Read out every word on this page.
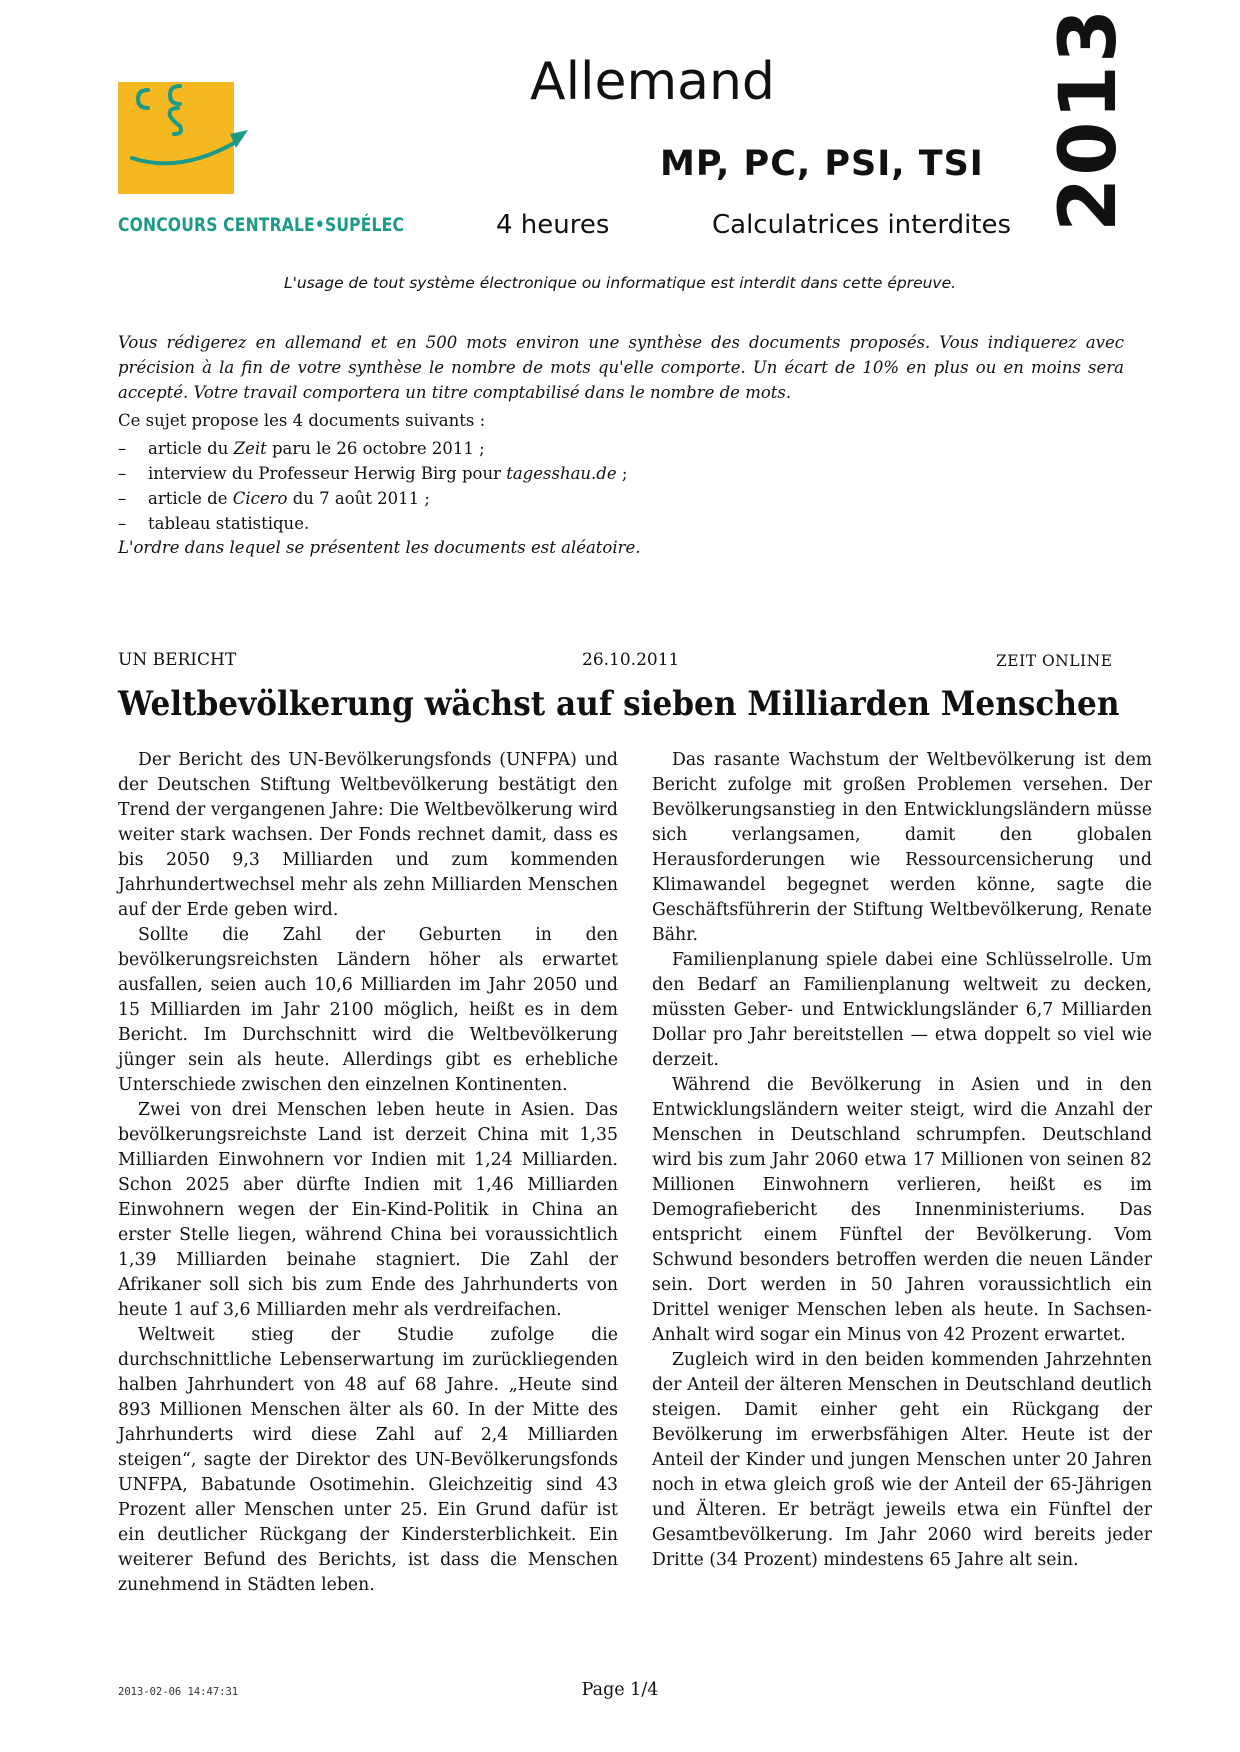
CONCOURS CENTRALE•SUPÉLEC
Allemand
MP, PC, PSI, TSI
4 heures	Calculatrices interdites 2013
L'usage de tout système électronique ou informatique est interdit dans cette épreuve.
Vous rédigerez en allemand et en 500 mots environ une synthèse des documents proposés. Vous indiquerez avec précision à la fin de votre synthèse le nombre de mots qu'elle comporte. Un écart de 10% en plus ou en moins sera accepté. Votre travail comportera un titre comptabilisé dans le nombre de mots.
Ce sujet propose les 4 documents suivants :
– article du Zeit paru le 26 octobre 2011 ;
– interview du Professeur Herwig Birg pour tagesshau.de ;
– article de Cicero du 7 août 2011 ;
– tableau statistique.
L'ordre dans lequel se présentent les documents est aléatoire.
UN BERICHT	26.10.2011	ZEIT ONLINE
Weltbevölkerung wächst auf sieben Milliarden Menschen

Der Bericht des UN-Bevölkerungsfonds (UNFPA) und der Deutschen Stiftung Weltbevölkerung bestätigt den Trend der vergangenen Jahre: Die Weltbevölkerung wird weiter stark wachsen. Der Fonds rechnet damit, dass es bis 2050 9,3 Milliarden und zum kommenden Jahrhundertwechsel mehr als zehn Milliarden Menschen auf der Erde geben wird.

Sollte die Zahl der Geburten in den bevölkerungsreichsten Ländern höher als erwartet ausfallen, seien auch 10,6 Milliarden im Jahr 2050 und 15 Milliarden im Jahr 2100 möglich, heißt es in dem Bericht. Im Durchschnitt wird die Weltbevölkerung jünger sein als heute. Allerdings gibt es erhebliche Unterschiede zwischen den einzelnen Kontinenten.

Zwei von drei Menschen leben heute in Asien. Das bevölkerungsreichste Land ist derzeit China mit 1,35 Milliarden Einwohnern vor Indien mit 1,24 Milliarden. Schon 2025 aber dürfte Indien mit 1,46 Milliarden Einwohnern wegen der Ein-Kind-Politik in China an erster Stelle liegen, während China bei voraussichtlich 1,39 Milliarden beinahe stagniert. Die Zahl der Afrikaner soll sich bis zum Ende des Jahrhunderts von heute 1 auf 3,6 Milliarden mehr als verdreifachen.

Weltweit stieg der Studie zufolge die durchschnittliche Lebenserwartung im zurückliegenden halben Jahrhundert von 48 auf 68 Jahre. „Heute sind 893 Millionen Menschen älter als 60. In der Mitte des Jahrhunderts wird diese Zahl auf 2,4 Milliarden steigen“, sagte der Direktor des UN-Bevölkerungsfonds UNFPA, Babatunde Osotimehin. Gleichzeitig sind 43 Prozent aller Menschen unter 25. Ein Grund dafür ist ein deutlicher Rückgang der Kindersterblichkeit. Ein weiterer Befund des Berichts, ist dass die Menschen zunehmend in Städten leben.

Das rasante Wachstum der Weltbevölkerung ist dem Bericht zufolge mit großen Problemen versehen. Der Bevölkerungsanstieg in den Entwicklungsländern müsse sich verlangsamen, damit den globalen Herausforderungen wie Ressourcensicherung und Klimawandel begegnet werden könne, sagte die Geschäftsführerin der Stiftung Weltbevölkerung, Renate Bähr.

Familienplanung spiele dabei eine Schlüsselrolle. Um den Bedarf an Familienplanung weltweit zu decken, müssten Geber- und Entwicklungsländer 6,7 Milliarden Dollar pro Jahr bereitstellen — etwa doppelt so viel wie derzeit.

Während die Bevölkerung in Asien und in den Entwicklungsländern weiter steigt, wird die Anzahl der Menschen in Deutschland schrumpfen. Deutschland wird bis zum Jahr 2060 etwa 17 Millionen von seinen 82 Millionen Einwohnern verlieren, heißt es im Demografiebericht des Innenministeriums. Das entspricht einem Fünftel der Bevölkerung. Vom Schwund besonders betroffen werden die neuen Länder sein. Dort werden in 50 Jahren voraussichtlich ein Drittel weniger Menschen leben als heute. In Sachsen-Anhalt wird sogar ein Minus von 42 Prozent erwartet.

Zugleich wird in den beiden kommenden Jahrzehnten der Anteil der älteren Menschen in Deutschland deutlich steigen. Damit einher geht ein Rückgang der Bevölkerung im erwerbsfähigen Alter. Heute ist der Anteil der Kinder und jungen Menschen unter 20 Jahren noch in etwa gleich groß wie der Anteil der 65-Jährigen und Älteren. Er beträgt jeweils etwa ein Fünftel der Gesamtbevölkerung. Im Jahr 2060 wird bereits jeder Dritte (34 Prozent) mindestens 65 Jahre alt sein.

2013-02-06 14:47:31	Page 1/4
